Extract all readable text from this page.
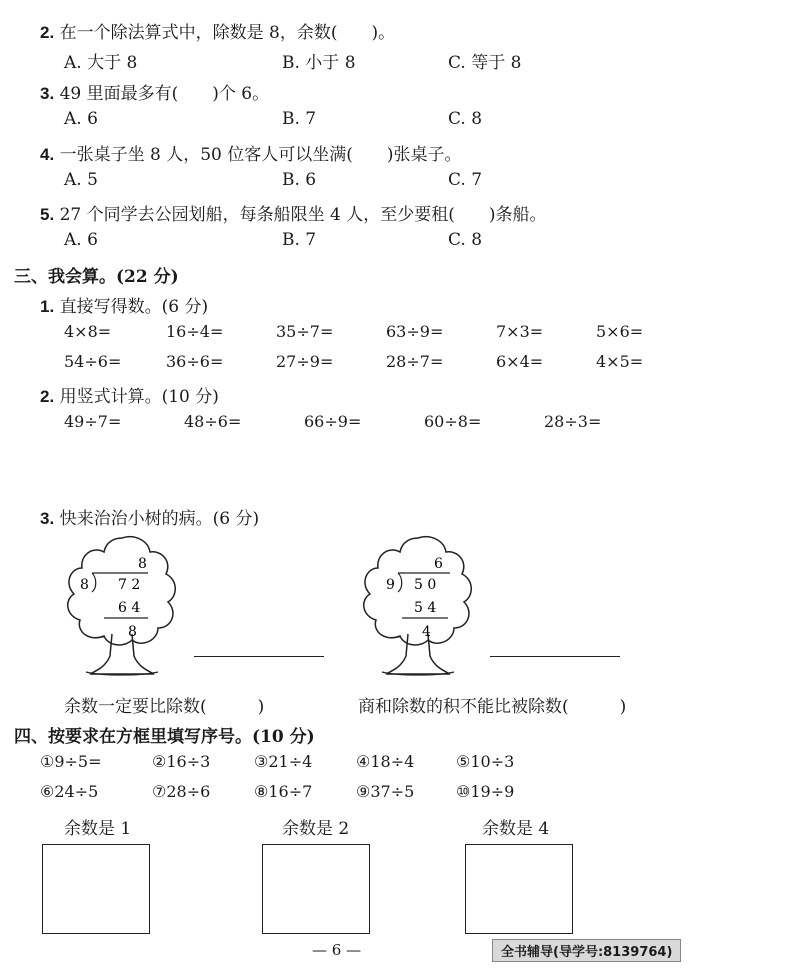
2. 在一个除法算式中，除数是 8，余数(　　)。
A. 大于 8	B. 小于 8	C. 等于 8
3. 49 里面最多有(　　)个 6。
A. 6	B. 7	C. 8
4. 一张桌子坐 8 人，50 位客人可以坐满(　　)张桌子。
A. 5	B. 6	C. 7
5. 27 个同学去公园划船，每条船限坐 4 人，至少要租(　　)条船。
A. 6	B. 7	C. 8
三、我会算。(22 分)
1. 直接写得数。(6 分)
4×8=	16÷4=	35÷7=	63÷9=	7×3=	5×6=
54÷6=	36÷6=	27÷9=	28÷7=	6×4=	4×5=
2. 用竖式计算。(10 分)
49÷7=	48÷6=	66÷9=	60÷8=	28÷3=
3. 快来治治小树的病。(6 分)
8
8 7 2
6 4
8
6
9 5 0
5 4
4
余数一定要比除数(　　　)	商和除数的积不能比被除数(　　　)
四、按要求在方框里填写序号。(10 分)
①9÷5=	②16÷3	③21÷4	④18÷4	⑤10÷3
⑥24÷5	⑦28÷6	⑧16÷7	⑨37÷5	⑩19÷9
余数是 1	余数是 2	余数是 4
— 6 —	全书辅导(导学号:8139764)
